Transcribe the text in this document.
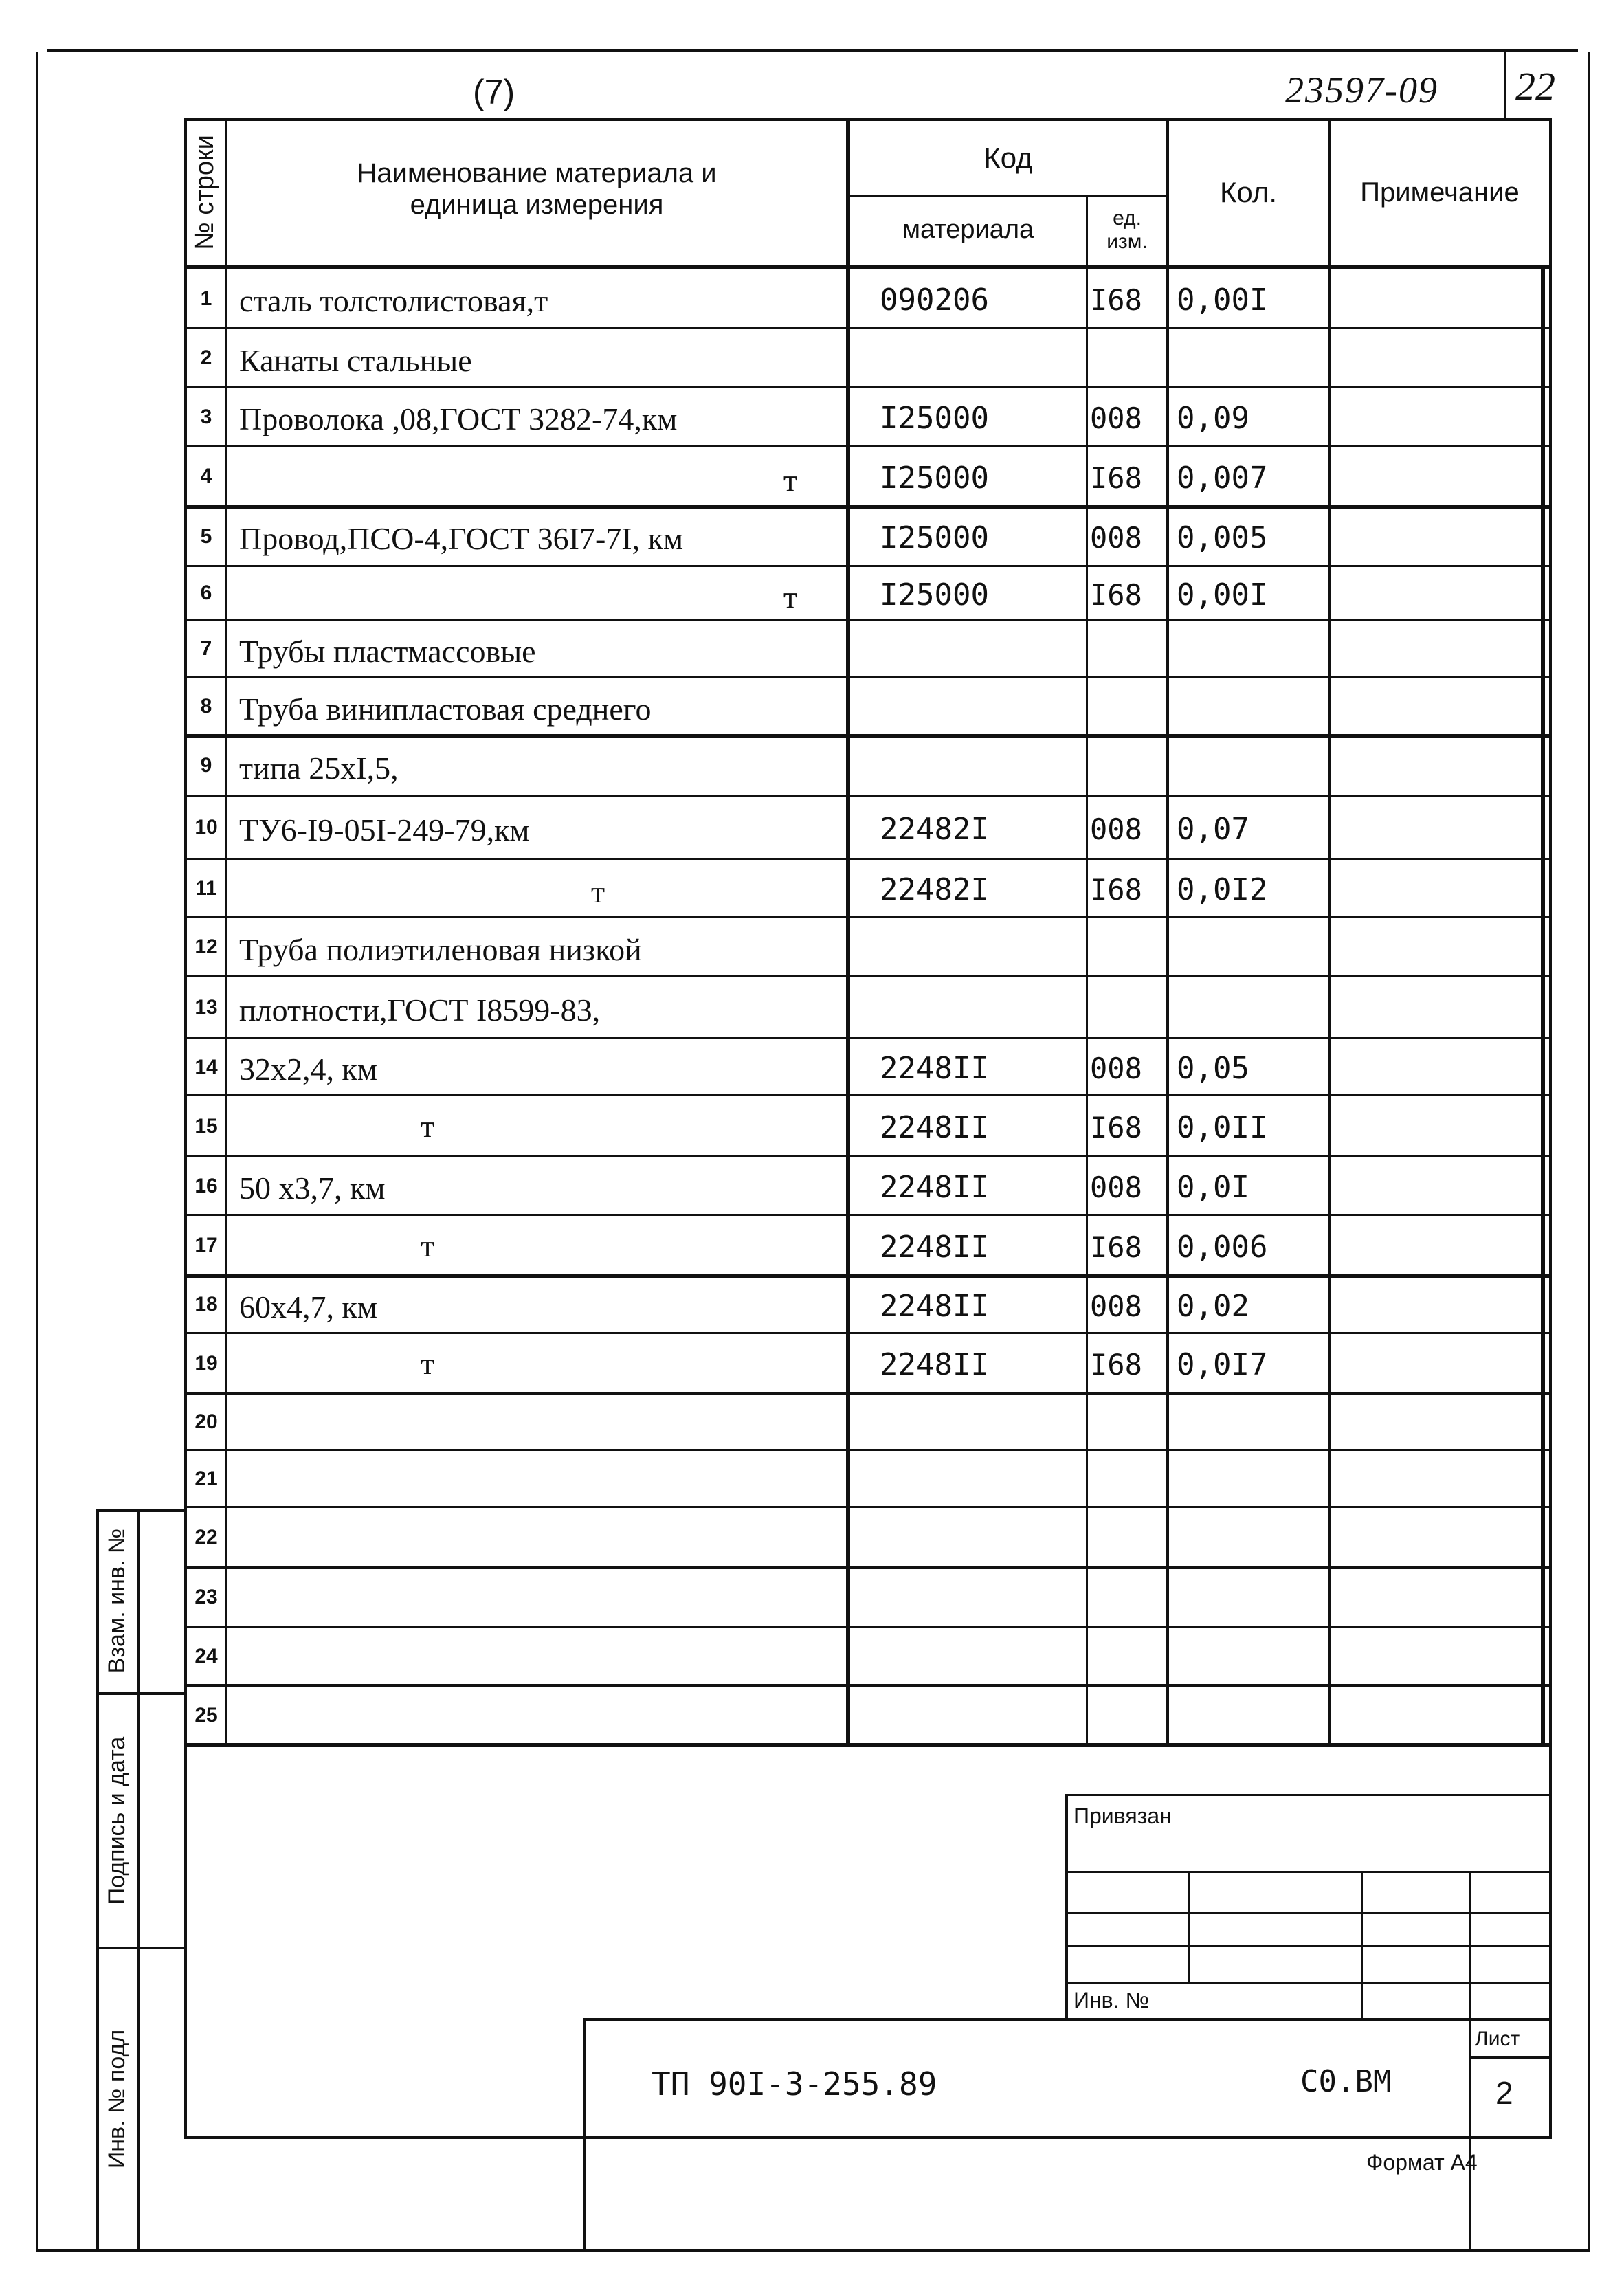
(7)	23597-09 22
№ строки	Наименование материала и
единица измерения
Код
материала	ед.
изм.
Кол.	Примечание
1 сталь толстолистовая,т	090206	I68	0,00I
2 Канаты стальные
3 Проволока ,08,ГОСТ 3282-74,км	I25000	008	0,09
4	т	I25000	I68	0,007
5 Провод,ПСО-4,ГОСТ 36I7-7I, км	I25000	008	0,005
6	т	I25000	I68	0,00I
7 Трубы пластмассовые
8 Труба винипластовая среднего
9 типа 25хI,5,
10 ТУ6-I9-05I-249-79,км	22482I	008	0,07
11	т	22482I	I68	0,0I2
12 Труба полиэтиленовая низкой
13 плотности,ГОСТ I8599-83,
14 32х2,4, км	2248II	008	0,05
15	т	2248II	I68	0,0II
16 50 х3,7, км	2248II	008	0,0I
17	т	2248II	I68	0,006
18 60х4,7, км	2248II	008	0,02
19	т	2248II	I68	0,0I7
20
21
22
23
24
25
Взам. инв. №
Подпись и дата
Инв. № подл
Привязан
Инв. №
ТП 90I-3-255.89	С0.ВМ
Лист
2
Формат А4
